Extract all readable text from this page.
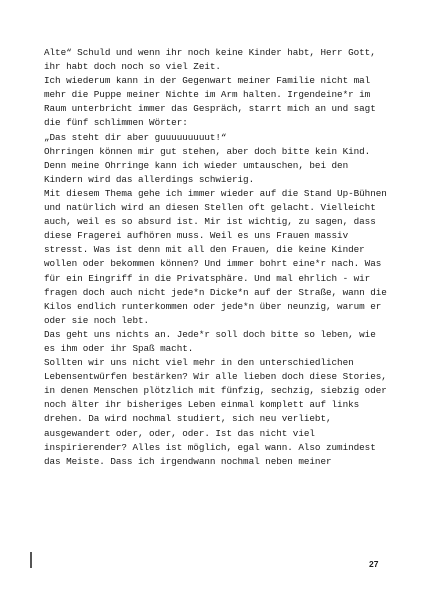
Alte“ Schuld und wenn ihr noch keine Kinder habt, Herr Gott,
ihr habt doch noch so viel Zeit.
Ich wiederum kann in der Gegenwart meiner Familie nicht mal
mehr die Puppe meiner Nichte im Arm halten. Irgendeine*r im
Raum unterbricht immer das Gespräch, starrt mich an und sagt
die fünf schlimmen Wörter:
„Das steht dir aber guuuuuuuuut!“
Ohrringen können mir gut stehen, aber doch bitte kein Kind.
Denn meine Ohrringe kann ich wieder umtauschen, bei den
Kindern wird das allerdings schwierig.
Mit diesem Thema gehe ich immer wieder auf die Stand Up-Bühnen
und natürlich wird an diesen Stellen oft gelacht. Vielleicht
auch, weil es so absurd ist. Mir ist wichtig, zu sagen, dass
diese Fragerei aufhören muss. Weil es uns Frauen massiv
stresst. Was ist denn mit all den Frauen, die keine Kinder
wollen oder bekommen können? Und immer bohrt eine*r nach. Was
für ein Eingriff in die Privatsphäre. Und mal ehrlich - wir
fragen doch auch nicht jede*n Dicke*n auf der Straße, wann die
Kilos endlich runterkommen oder jede*n über neunzig, warum er
oder sie noch lebt.
Das geht uns nichts an. Jede*r soll doch bitte so leben, wie
es ihm oder ihr Spaß macht.
Sollten wir uns nicht viel mehr in den unterschiedlichen
Lebensentwürfen bestärken? Wir alle lieben doch diese Stories,
in denen Menschen plötzlich mit fünfzig, sechzig, siebzig oder
noch älter ihr bisheriges Leben einmal komplett auf links
drehen. Da wird nochmal studiert, sich neu verliebt,
ausgewandert oder, oder, oder. Ist das nicht viel
inspirierender? Alles ist möglich, egal wann. Also zumindest
das Meiste. Dass ich irgendwann nochmal neben meiner
27
